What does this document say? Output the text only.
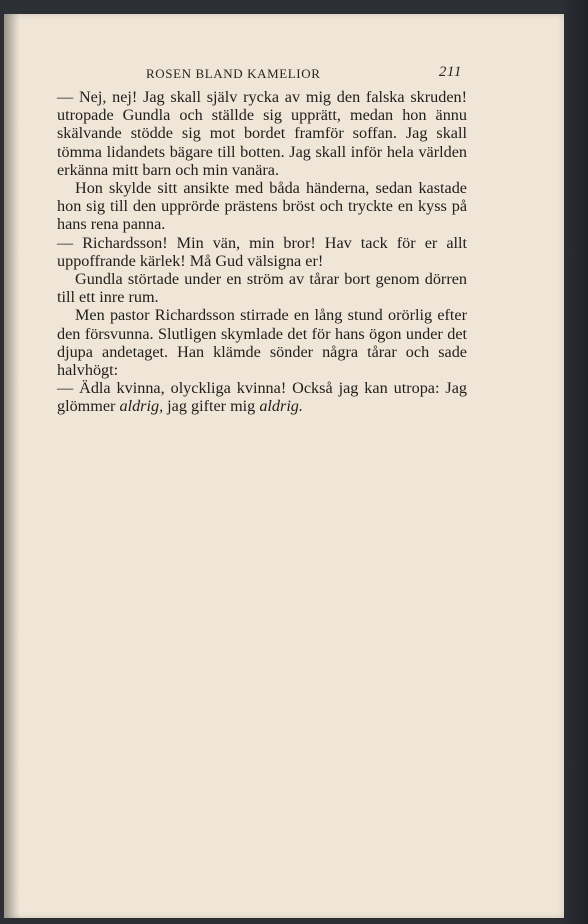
ROSEN BLAND KAMELIOR	211

— Nej, nej! Jag skall själv rycka av mig den falska skruden! utropade Gundla och ställde sig upprätt, medan hon ännu skälvande stödde sig mot bordet framför soffan. Jag skall tömma lidandets bägare till botten. Jag skall inför hela världen erkänna mitt barn och min vanära.

Hon skylde sitt ansikte med båda händerna, sedan kastade hon sig till den upprörde prästens bröst och tryckte en kyss på hans rena panna.

— Richardsson! Min vän, min bror! Hav tack för er allt uppoffrande kärlek! Må Gud välsigna er!

Gundla störtade under en ström av tårar bort genom dörren till ett inre rum.

Men pastor Richardsson stirrade en lång stund orörlig efter den försvunna. Slutligen skymlade det för hans ögon under det djupa andetaget. Han klämde sönder några tårar och sade halvhögt:

— Ädla kvinna, olyckliga kvinna! Också jag kan utropa: Jag glömmer aldrig, jag gifter mig aldrig.
